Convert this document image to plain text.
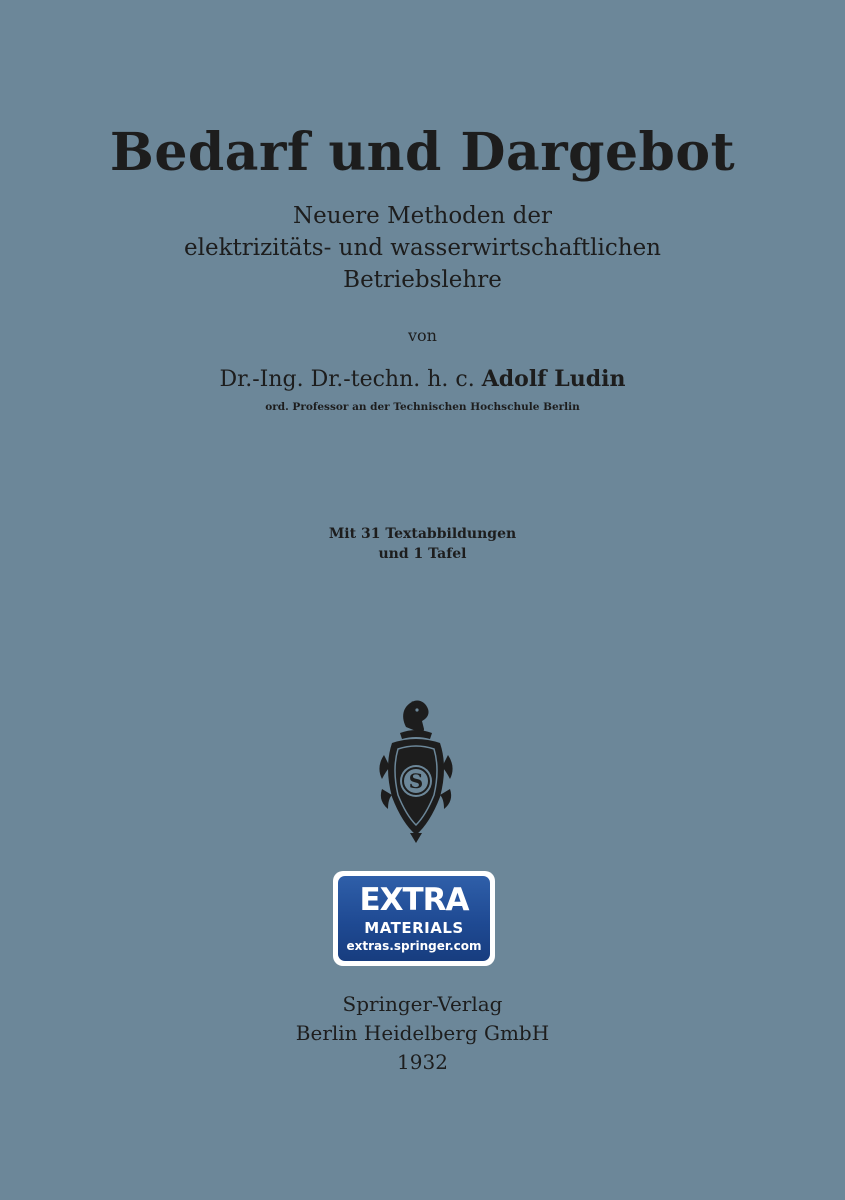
Bedarf und Dargebot
Neuere Methoden der
elektrizitäts- und wasserwirtschaftlichen
Betriebslehre
von
Dr.-Ing. Dr.-techn. h. c. Adolf Ludin
ord. Professor an der Technischen Hochschule Berlin
Mit 31 Textabbildungen
und 1 Tafel
S
EXTRA
MATERIALS
extras.springer.com
Springer-Verlag
Berlin Heidelberg GmbH
1932
